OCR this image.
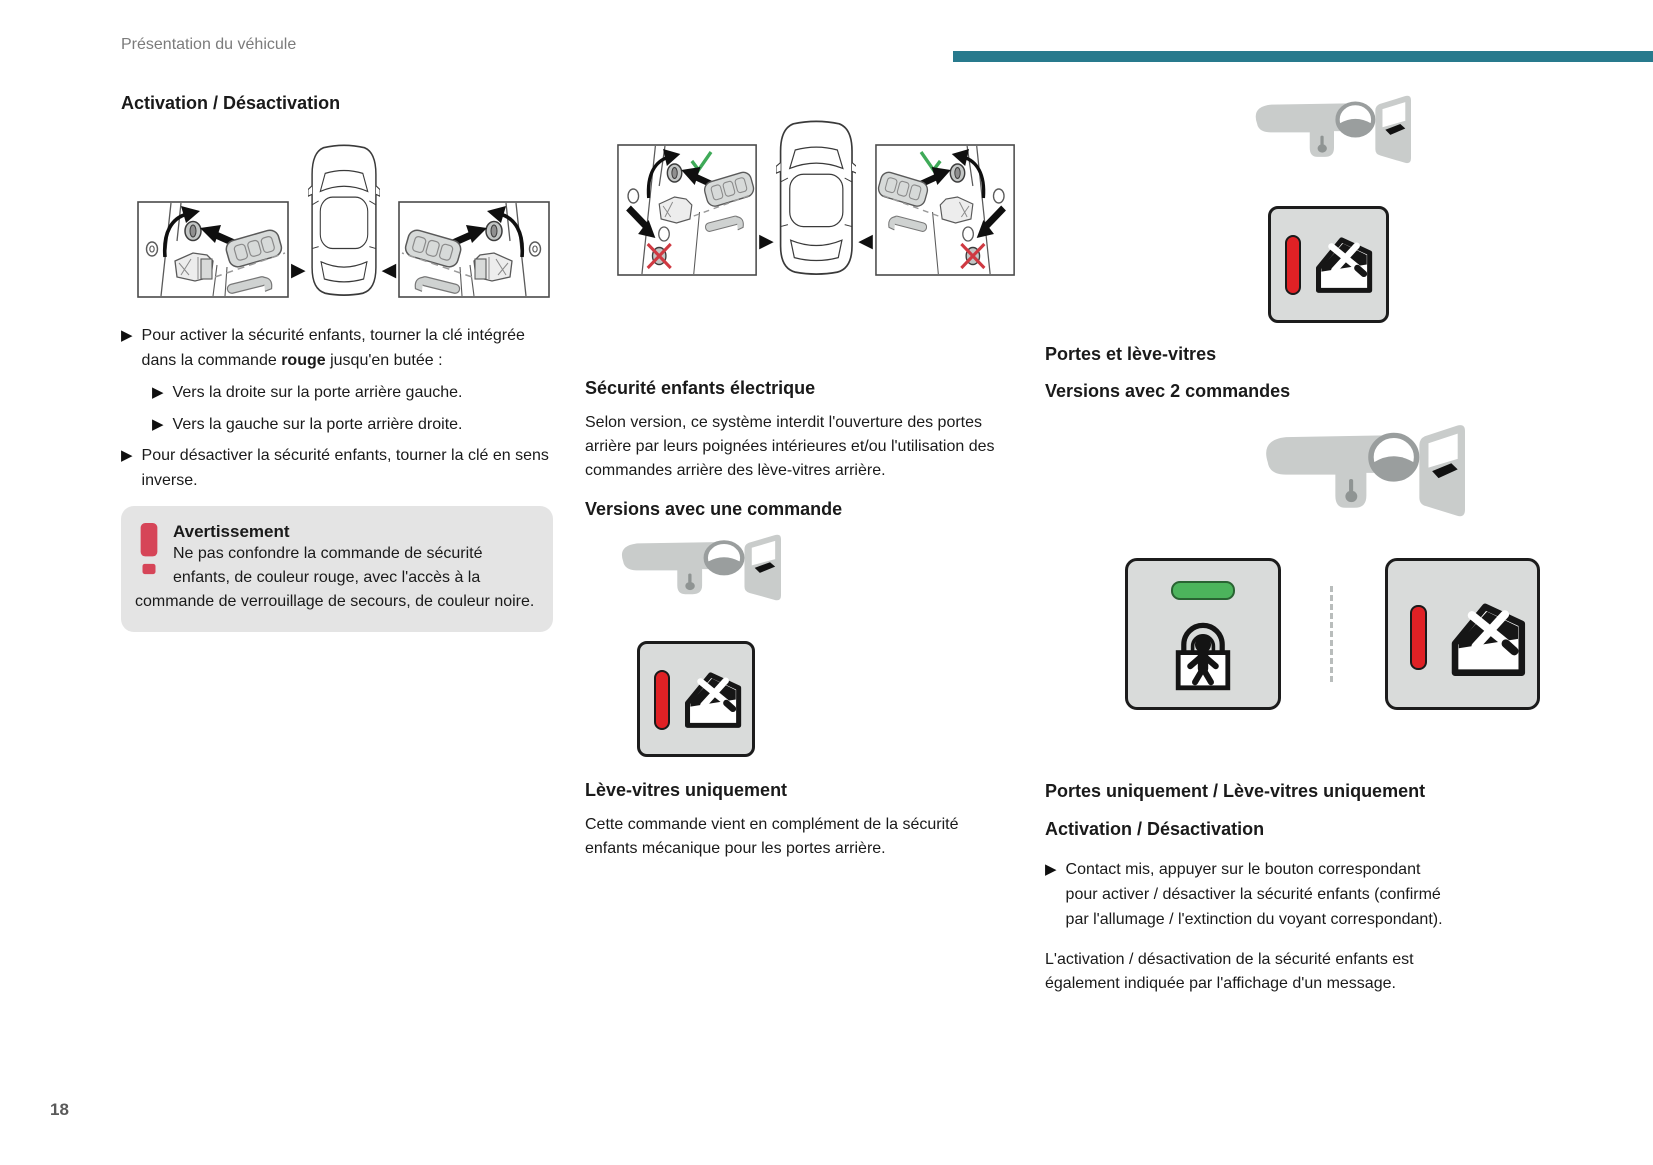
Présentation du véhicule
Activation / Désactivation
▶	◀
▶ Pour activer la sécurité enfants, tourner la clé intégrée dans la commande rouge jusqu'en butée :
▶ Vers la droite sur la porte arrière gauche.
▶ Vers la gauche sur la porte arrière droite.
▶ Pour désactiver la sécurité enfants, tourner la clé en sens inverse.
Avertissement
Ne pas confondre la commande de sécurité enfants, de couleur rouge, avec l'accès à la commande de verrouillage de secours, de couleur noire.
▶	◀
Sécurité enfants électrique

Selon version, ce système interdit l'ouverture des portes arrière par leurs poignées intérieures et/ou l'utilisation des commandes arrière des lève-vitres arrière.

Versions avec une commande
Lève-vitres uniquement

Cette commande vient en complément de la sécurité enfants mécanique pour les portes arrière.

Portes et lève-vitres
Versions avec 2 commandes
Portes uniquement / Lève-vitres uniquement
Activation / Désactivation
▶ Contact mis, appuyer sur le bouton correspondant pour activer / désactiver la sécurité enfants (confirmé par l'allumage / l'extinction du voyant correspondant).

L'activation / désactivation de la sécurité enfants est également indiquée par l'affichage d'un message.

18
